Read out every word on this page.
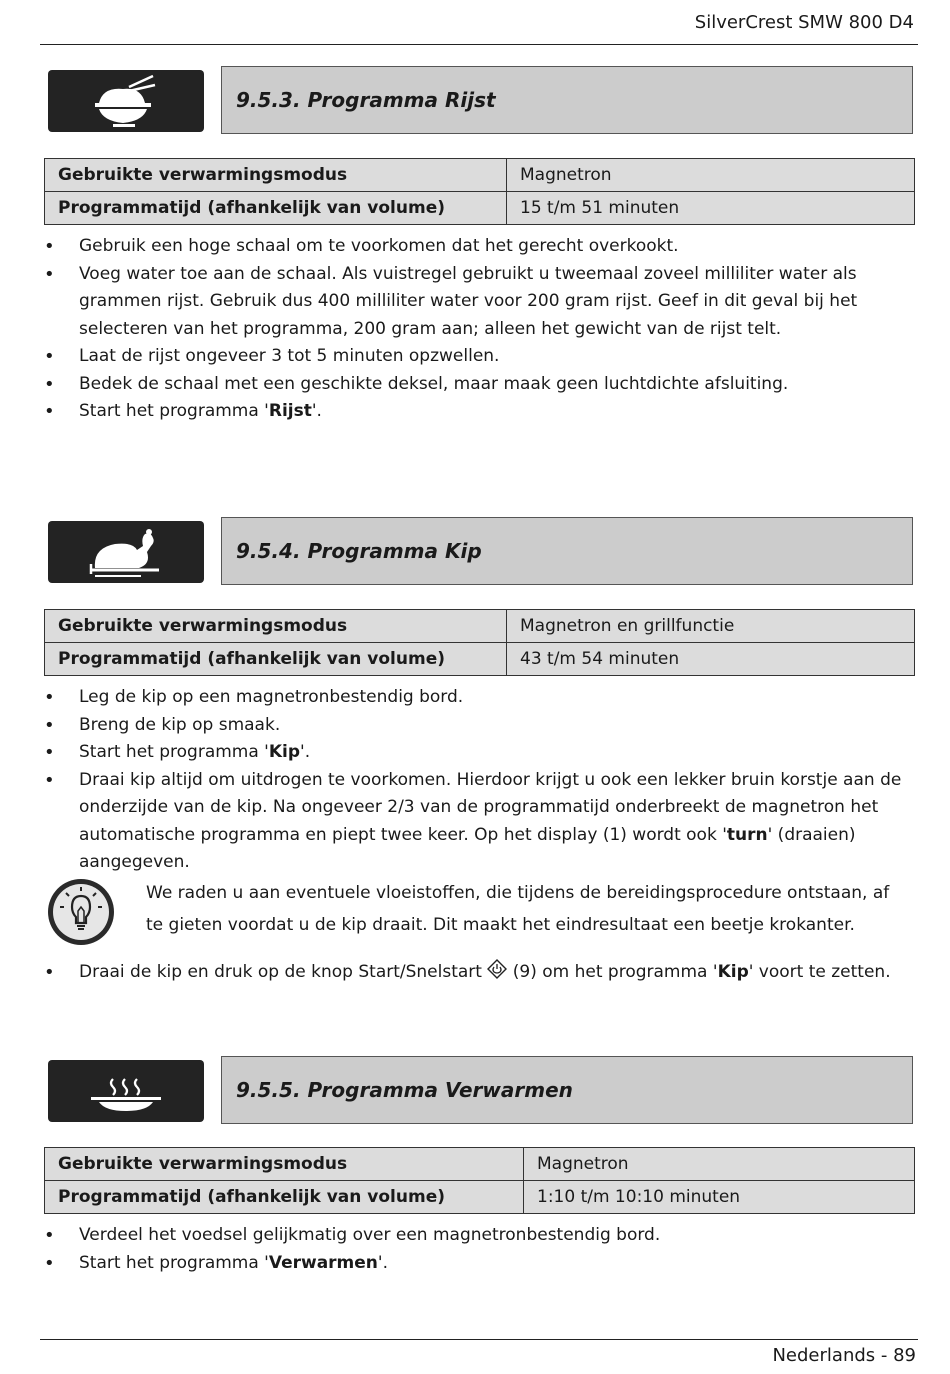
SilverCrest SMW 800 D4
9.5.3. Programma Rijst
Gebruikte verwarmingsmodus	Magnetron
Programmatijd (afhankelijk van volume)	15 t/m 51 minuten
• Gebruik een hoge schaal om te voorkomen dat het gerecht overkookt.
• Voeg water toe aan de schaal. Als vuistregel gebruikt u tweemaal zoveel milliliter water als grammen rijst. Gebruik dus 400 milliliter water voor 200 gram rijst. Geef in dit geval bij het selecteren van het programma, 200 gram aan; alleen het gewicht van de rijst telt.
• Laat de rijst ongeveer 3 tot 5 minuten opzwellen.
• Bedek de schaal met een geschikte deksel, maar maak geen luchtdichte afsluiting.
• Start het programma 'Rijst'.
9.5.4. Programma Kip
Gebruikte verwarmingsmodus	Magnetron en grillfunctie
Programmatijd (afhankelijk van volume)	43 t/m 54 minuten
• Leg de kip op een magnetronbestendig bord.
• Breng de kip op smaak.
• Start het programma 'Kip'.
• Draai kip altijd om uitdrogen te voorkomen. Hierdoor krijgt u ook een lekker bruin korstje aan de onderzijde van de kip. Na ongeveer 2/3 van de programmatijd onderbreekt de magnetron het automatische programma en piept twee keer. Op het display (1) wordt ook 'turn' (draaien) aangegeven.
We raden u aan eventuele vloeistoffen, die tijdens de bereidingsprocedure ontstaan, af te gieten voordat u de kip draait. Dit maakt het eindresultaat een beetje krokanter.
• Draai de kip en druk op de knop Start/Snelstart  (9) om het programma 'Kip' voort te zetten.
9.5.5. Programma Verwarmen
Gebruikte verwarmingsmodus	Magnetron
Programmatijd (afhankelijk van volume)	1:10 t/m 10:10 minuten
• Verdeel het voedsel gelijkmatig over een magnetronbestendig bord.
• Start het programma 'Verwarmen'.
Nederlands - 89
